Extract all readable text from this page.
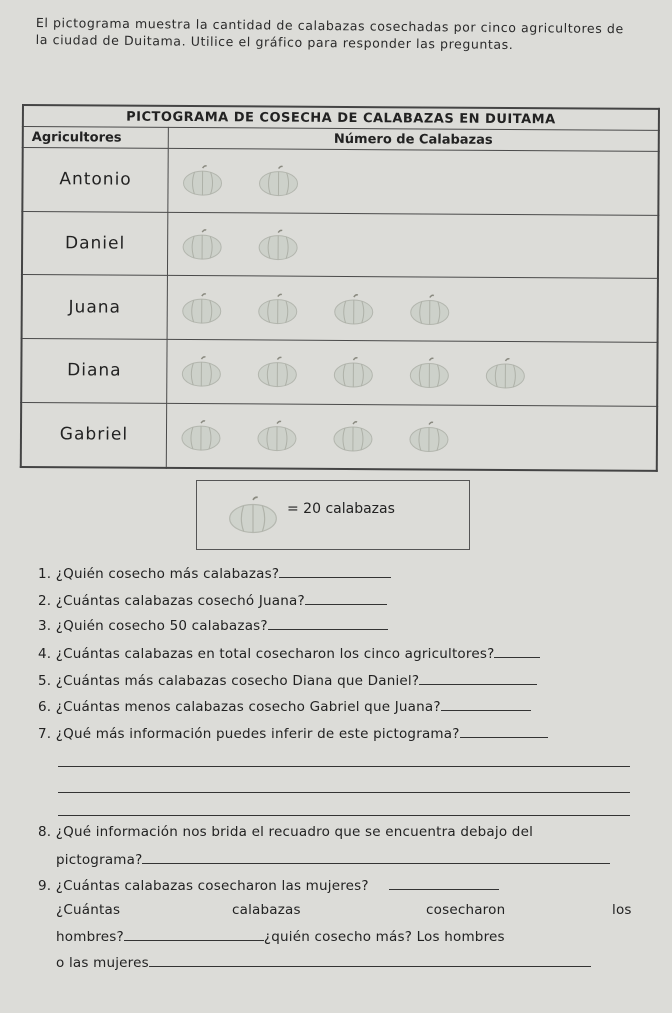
El pictograma muestra la cantidad de calabazas cosechadas por cinco agricultores de la ciudad de Duitama. Utilice el gráfico para responder las preguntas.
PICTOGRAMA DE COSECHA DE CALABAZAS EN DUITAMA	
Agricultores	Número de Calabazas
Antonio	

Daniel	

Juana	

Diana	

Gabriel	
= 20 calabazas
1. ¿Quién cosecho más calabazas?
2. ¿Cuántas calabazas cosechó Juana?
3. ¿Quién cosecho 50 calabazas?
4. ¿Cuántas calabazas en total cosecharon los cinco agricultores?
5. ¿Cuántas más calabazas cosecho Diana que Daniel?
6. ¿Cuántas menos calabazas cosecho Gabriel que Juana?
7. ¿Qué más información puedes inferir de este pictograma?
8. ¿Qué información nos brida el recuadro que se encuentra debajo del
pictograma?
9. ¿Cuántas calabazas cosecharon las mujeres?
¿Cuántas	calabazas	cosecharon	los
hombres?	¿quién cosecho más? Los hombres
o las mujeres
